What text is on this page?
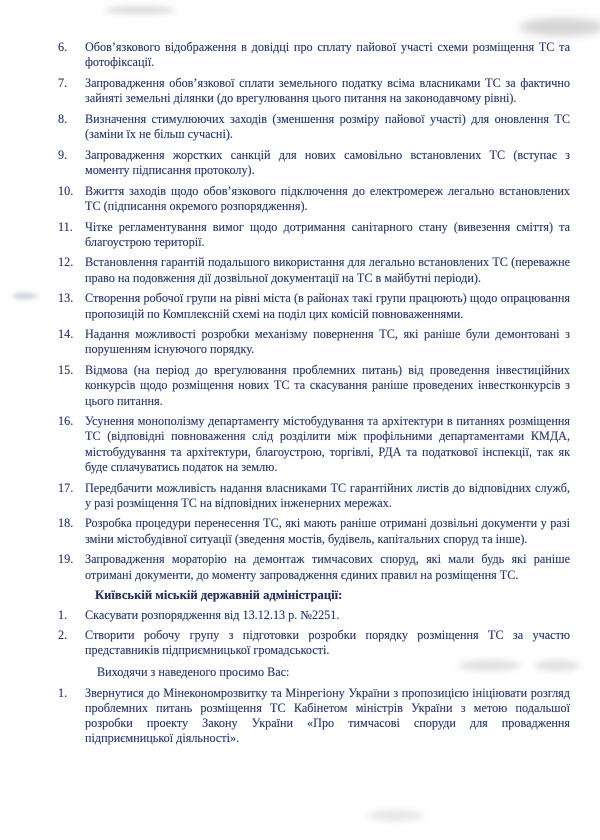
6.	Обов’язкового відображення в довідці про сплату пайової участі схеми розміщення ТС та фотофіксації.
7.	Запровадження обов’язкової сплати земельного податку всіма власниками ТС за фактично зайняті земельні ділянки (до врегулювання цього питання на законодавчому рівні).
8.	Визначення стимулюючих заходів (зменшення розміру пайової участі) для оновлення ТС (заміни їх не більш сучасні).
9.	Запровадження жорстких санкцій для нових самовільно встановлених ТС (вступає з моменту підписання протоколу).
10. Вжиття заходів щодо обов’язкового підключення до електромереж легально встановлених ТС (підписання окремого розпорядження).
11.	Чітке регламентування вимог щодо дотримання санітарного стану (вивезення сміття) та благоустрою території.
12. Встановлення гарантій подальшого використання для легально встановлених ТС (переважне право на подовження дії дозвільної документації на ТС в майбутні періоди).
13. Створення робочої групи на рівні міста (в районах такі групи працюють) щодо опрацювання пропозицій по Комплексній схемі на поділ цих комісій повноваженнями.
14. Надання можливості розробки механізму повернення ТС, які раніше були демонтовані з порушенням існуючого порядку.
15. Відмова (на період до врегулювання проблемних питань) від проведення інвестиційних конкурсів щодо розміщення нових ТС та скасування раніше проведених інвестконкурсів з цього питання.
16. Усунення монополізму департаменту містобудування та архітектури в питаннях розміщення ТС (відповідні повноваження слід розділити між профільними департаментами КМДА, містобудування та архітектури, благоустрою, торгівлі, РДА та податкової інспекції, так як буде сплачуватись податок на землю.
17. Передбачити можливість надання власниками ТС гарантійних листів до відповідних служб, у разі розміщення ТС на відповідних інженерних мережах.
18. Розробка процедури перенесення ТС, які мають раніше отримані дозвільні документи у разі зміни містобудівної ситуації (зведення мостів, будівель, капітальних споруд та інше).
19. Запровадження мораторію на демонтаж тимчасових споруд, які мали будь які раніше отримані документи, до моменту запровадження єдиних правил на розміщення ТС.
Київській міській державній адміністрації:
1.	Скасувати розпорядження від 13.12.13 р. №2251.
2.	Створити робочу групу з підготовки розробки порядку розміщення ТС за участю представників підприємницької громадськості.
Виходячи з наведеного просимо Вас:
1.	Звернутися до Мінекономрозвитку та Мінрегіону України з пропозицією ініціювати розгляд проблемних питань розміщення ТС Кабінетом міністрів України з метою подальшої розробки проекту Закону України «Про тимчасові споруди для провадження підприємницької діяльності».
